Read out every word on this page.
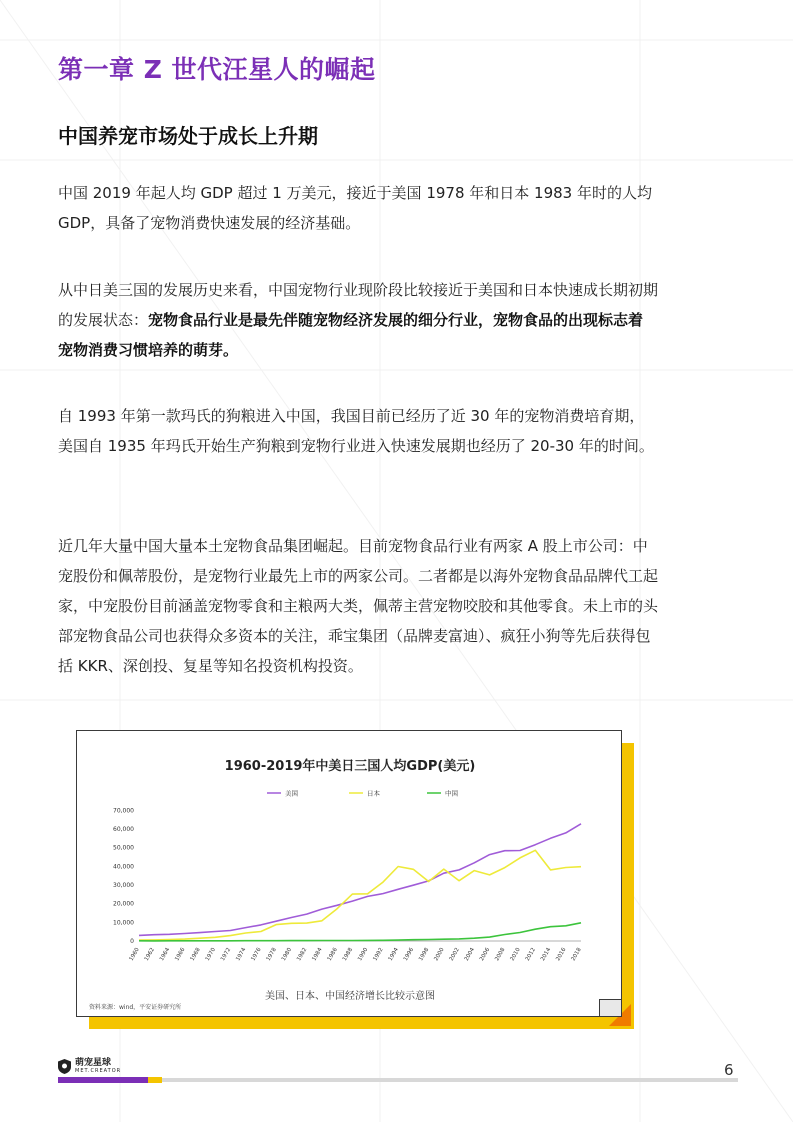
第一章 Z 世代汪星人的崛起
中国养宠市场处于成长上升期
中国 2019 年起人均 GDP 超过 1 万美元，接近于美国 1978 年和日本 1983 年时的人均 GDP，具备了宠物消费快速发展的经济基础。
从中日美三国的发展历史来看，中国宠物行业现阶段比较接近于美国和日本快速成长期初期的发展状态：宠物食品行业是最先伴随宠物经济发展的细分行业，宠物食品的出现标志着宠物消费习惯培养的萌芽。
自 1993 年第一款玛氏的狗粮进入中国，我国目前已经历了近 30 年的宠物消费培育期，美国自 1935 年玛氏开始生产狗粮到宠物行业进入快速发展期也经历了 20-30 年的时间。
近几年大量中国大量本土宠物食品集团崛起。目前宠物食品行业有两家 A 股上市公司：中宠股份和佩蒂股份，是宠物行业最先上市的两家公司。二者都是以海外宠物食品品牌代工起家，中宠股份目前涵盖宠物零食和主粮两大类，佩蒂主营宠物咬胶和其他零食。未上市的头部宠物食品公司也获得众多资本的关注，乖宝集团（品牌麦富迪）、疯狂小狗等先后获得包括 KKR、深创投、复星等知名投资机构投资。
1960-2019年中美日三国人均GDP(美元)
0
10,000
20,000
30,000
40,000
50,000
60,000
70,000
1960 1962 1964 1966 1968 1970 1972 1974 1976 1978 1980 1982 1984 1986 1988 1990 1992 1994 1996 1998 2000 2002 2004 2006 2008 2010 2012 2014 2016 2018
美国	日本	中国
美国、日本、中国经济增长比较示意图
资料来源：wind，平安证券研究所
萌宠星球
MET.CREATOR	6
